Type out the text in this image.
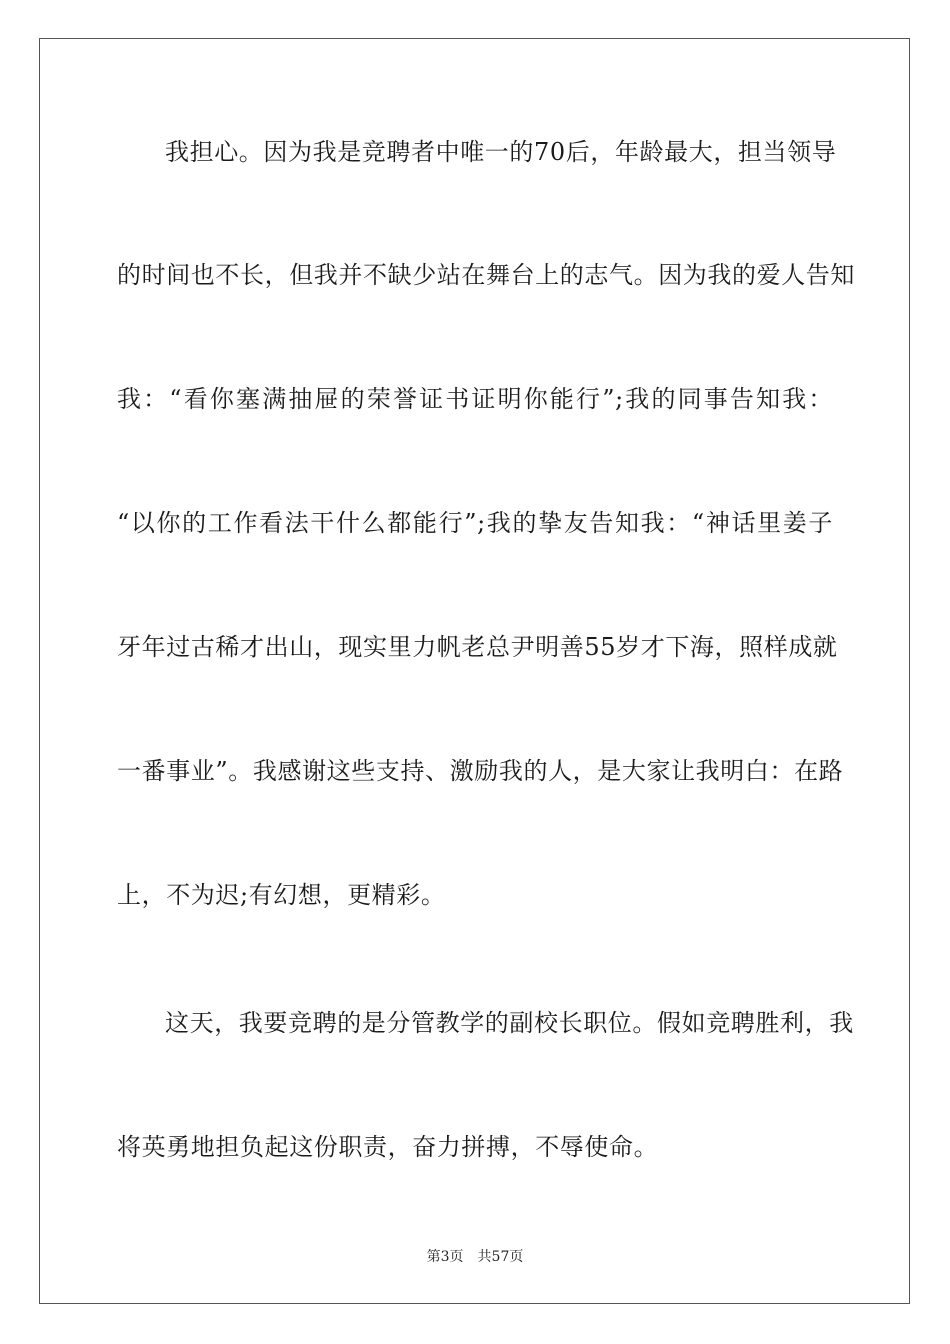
我担心。因为我是竞聘者中唯一的70后，年龄最大，担当领导
的时间也不长，但我并不缺少站在舞台上的志气。因为我的爱人告知
我：“看你塞满抽屉的荣誉证书证明你能行”;我的同事告知我：
“以你的工作看法干什么都能行”;我的挚友告知我：“神话里姜子
牙年过古稀才出山，现实里力帆老总尹明善55岁才下海，照样成就
一番事业”。我感谢这些支持、激励我的人，是大家让我明白：在路
上，不为迟;有幻想，更精彩。
这天，我要竞聘的是分管教学的副校长职位。假如竞聘胜利，我
将英勇地担负起这份职责，奋力拼搏，不辱使命。
第3页 共57页
